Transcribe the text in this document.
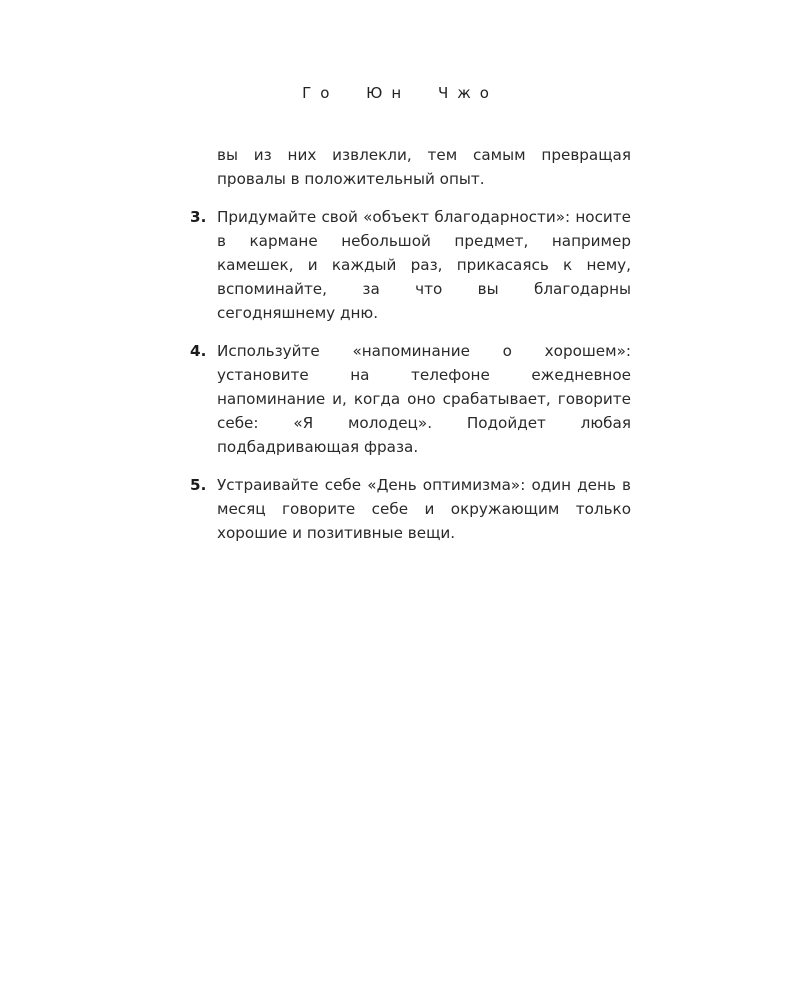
Го Юн Чжо

вы из них извлекли, тем самым превращая провалы в положительный опыт.

3. Придумайте свой «объект благодарности»: носите в кармане небольшой предмет, например камешек, и каждый раз, прикасаясь к нему, вспоминайте, за что вы благодарны сегодняшнему дню.

4. Используйте «напоминание о хорошем»: установите на телефоне ежедневное напоминание и, когда оно срабатывает, говорите себе: «Я молодец». Подойдет любая подбадривающая фраза.

5. Устраивайте себе «День оптимизма»: один день в месяц говорите себе и окружающим только хорошие и позитивные вещи.
